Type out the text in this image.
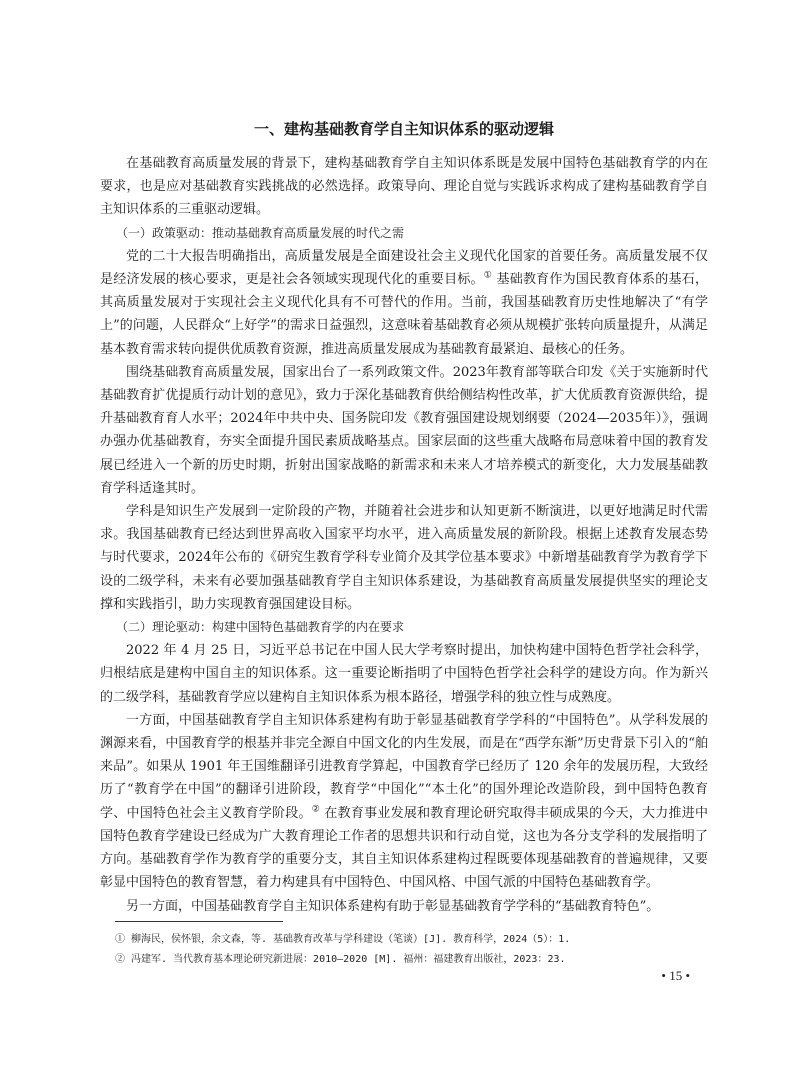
一、建构基础教育学自主知识体系的驱动逻辑

在基础教育高质量发展的背景下，建构基础教育学自主知识体系既是发展中国特色基础教育学的内在要求，也是应对基础教育实践挑战的必然选择。政策导向、理论自觉与实践诉求构成了建构基础教育学自主知识体系的三重驱动逻辑。

（一）政策驱动：推动基础教育高质量发展的时代之需

党的二十大报告明确指出，高质量发展是全面建设社会主义现代化国家的首要任务。高质量发展不仅是经济发展的核心要求，更是社会各领域实现现代化的重要目标。① 基础教育作为国民教育体系的基石，其高质量发展对于实现社会主义现代化具有不可替代的作用。当前，我国基础教育历史性地解决了“有学上”的问题，人民群众“上好学”的需求日益强烈，这意味着基础教育必须从规模扩张转向质量提升，从满足基本教育需求转向提供优质教育资源，推进高质量发展成为基础教育最紧迫、最核心的任务。

围绕基础教育高质量发展，国家出台了一系列政策文件。2023年教育部等联合印发《关于实施新时代基础教育扩优提质行动计划的意见》，致力于深化基础教育供给侧结构性改革，扩大优质教育资源供给，提升基础教育育人水平；2024年中共中央、国务院印发《教育强国建设规划纲要（2024—2035年）》，强调办强办优基础教育，夯实全面提升国民素质战略基点。国家层面的这些重大战略布局意味着中国的教育发展已经进入一个新的历史时期，折射出国家战略的新需求和未来人才培养模式的新变化，大力发展基础教育学科适逢其时。

学科是知识生产发展到一定阶段的产物，并随着社会进步和认知更新不断演进，以更好地满足时代需求。我国基础教育已经达到世界高收入国家平均水平，进入高质量发展的新阶段。根据上述教育发展态势与时代要求，2024年公布的《研究生教育学科专业简介及其学位基本要求》中新增基础教育学为教育学下设的二级学科，未来有必要加强基础教育学自主知识体系建设，为基础教育高质量发展提供坚实的理论支撑和实践指引，助力实现教育强国建设目标。

（二）理论驱动：构建中国特色基础教育学的内在要求

2022 年 4 月 25 日，习近平总书记在中国人民大学考察时提出，加快构建中国特色哲学社会科学，归根结底是建构中国自主的知识体系。这一重要论断指明了中国特色哲学社会科学的建设方向。作为新兴的二级学科，基础教育学应以建构自主知识体系为根本路径，增强学科的独立性与成熟度。

一方面，中国基础教育学自主知识体系建构有助于彰显基础教育学学科的“中国特色”。从学科发展的渊源来看，中国教育学的根基并非完全源自中国文化的内生发展，而是在“西学东渐”历史背景下引入的“舶来品”。如果从 1901 年王国维翻译引进教育学算起，中国教育学已经历了 120 余年的发展历程，大致经历了“教育学在中国”的翻译引进阶段，教育学“中国化”“本土化”的国外理论改造阶段，到中国特色教育学、中国特色社会主义教育学阶段。② 在教育事业发展和教育理论研究取得丰硕成果的今天，大力推进中国特色教育学建设已经成为广大教育理论工作者的思想共识和行动自觉，这也为各分支学科的发展指明了方向。基础教育学作为教育学的重要分支，其自主知识体系建构过程既要体现基础教育的普遍规律，又要彰显中国特色的教育智慧，着力构建具有中国特色、中国风格、中国气派的中国特色基础教育学。

另一方面，中国基础教育学自主知识体系建构有助于彰显基础教育学学科的“基础教育特色”。

① 柳海民，侯怀银，余文森，等. 基础教育改革与学科建设（笔谈）[J]. 教育科学，2024（5）：1.
② 冯建军. 当代教育基本理论研究新进展：2010—2020 [M]. 福州：福建教育出版社，2023：23.
• 15 •
